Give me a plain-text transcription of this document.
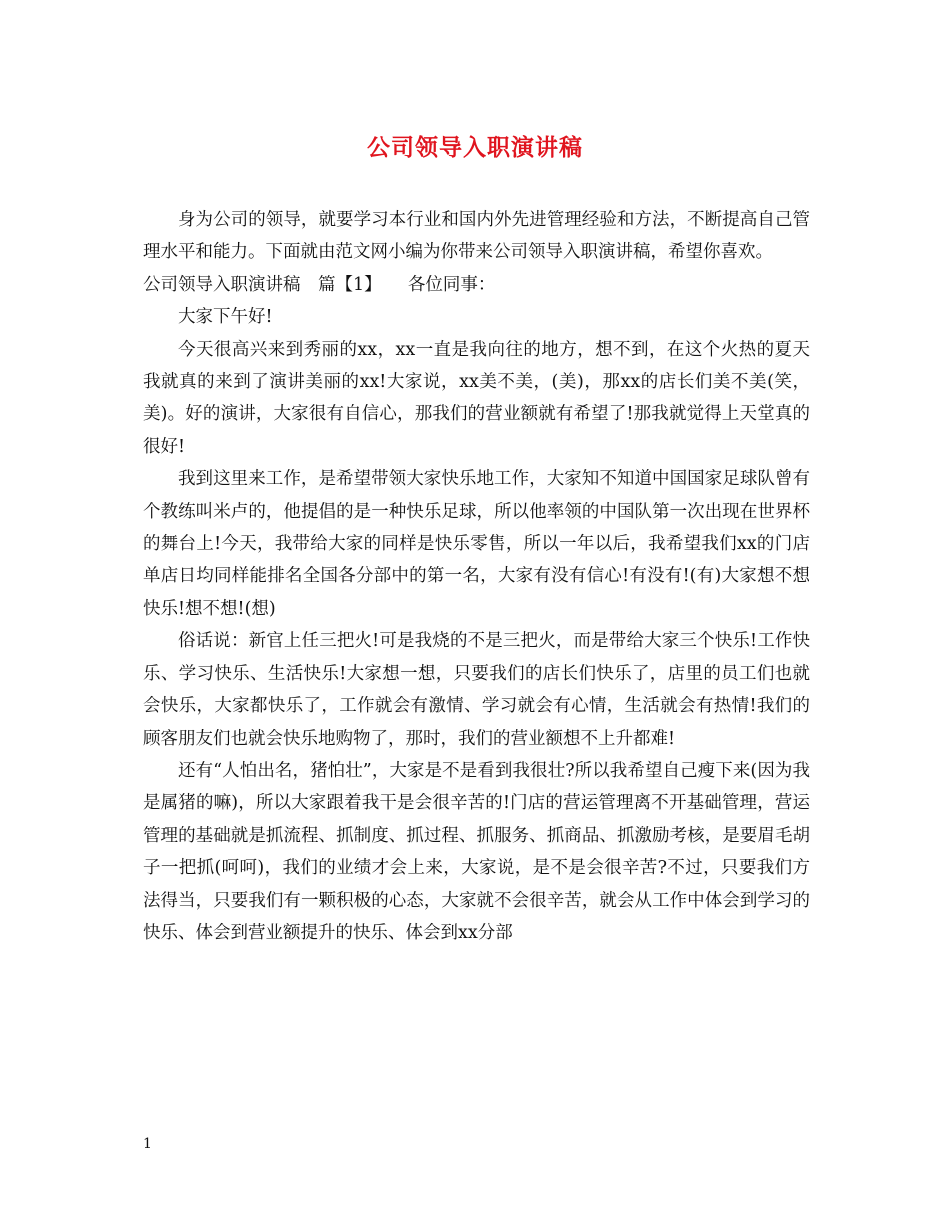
公司领导入职演讲稿

身为公司的领导，就要学习本行业和国内外先进管理经验和方法，不断提高自己管理水平和能力。下面就由范文网小编为你带来公司领导入职演讲稿，希望你喜欢。

公司领导入职演讲稿　篇【1】　　各位同事：

大家下午好!

今天很高兴来到秀丽的xx，xx一直是我向往的地方，想不到，在这个火热的夏天我就真的来到了演讲美丽的xx!大家说，xx美不美，(美)，那xx的店长们美不美(笑，美)。好的演讲，大家很有自信心，那我们的营业额就有希望了!那我就觉得上天堂真的很好!

我到这里来工作，是希望带领大家快乐地工作，大家知不知道中国国家足球队曾有个教练叫米卢的，他提倡的是一种快乐足球，所以他率领的中国队第一次出现在世界杯的舞台上!今天，我带给大家的同样是快乐零售，所以一年以后，我希望我们xx的门店单店日均同样能排名全国各分部中的第一名，大家有没有信心!有没有!(有)大家想不想快乐!想不想!(想)

俗话说：新官上任三把火!可是我烧的不是三把火，而是带给大家三个快乐!工作快乐、学习快乐、生活快乐!大家想一想，只要我们的店长们快乐了，店里的员工们也就会快乐，大家都快乐了，工作就会有激情、学习就会有心情，生活就会有热情!我们的顾客朋友们也就会快乐地购物了，那时，我们的营业额想不上升都难!

还有“人怕出名，猪怕壮”，大家是不是看到我很壮?所以我希望自己瘦下来(因为我是属猪的嘛)，所以大家跟着我干是会很辛苦的!门店的营运管理离不开基础管理，营运管理的基础就是抓流程、抓制度、抓过程、抓服务、抓商品、抓激励考核，是要眉毛胡子一把抓(呵呵)，我们的业绩才会上来，大家说，是不是会很辛苦?不过，只要我们方法得当，只要我们有一颗积极的心态，大家就不会很辛苦，就会从工作中体会到学习的快乐、体会到营业额提升的快乐、体会到xx分部

1
